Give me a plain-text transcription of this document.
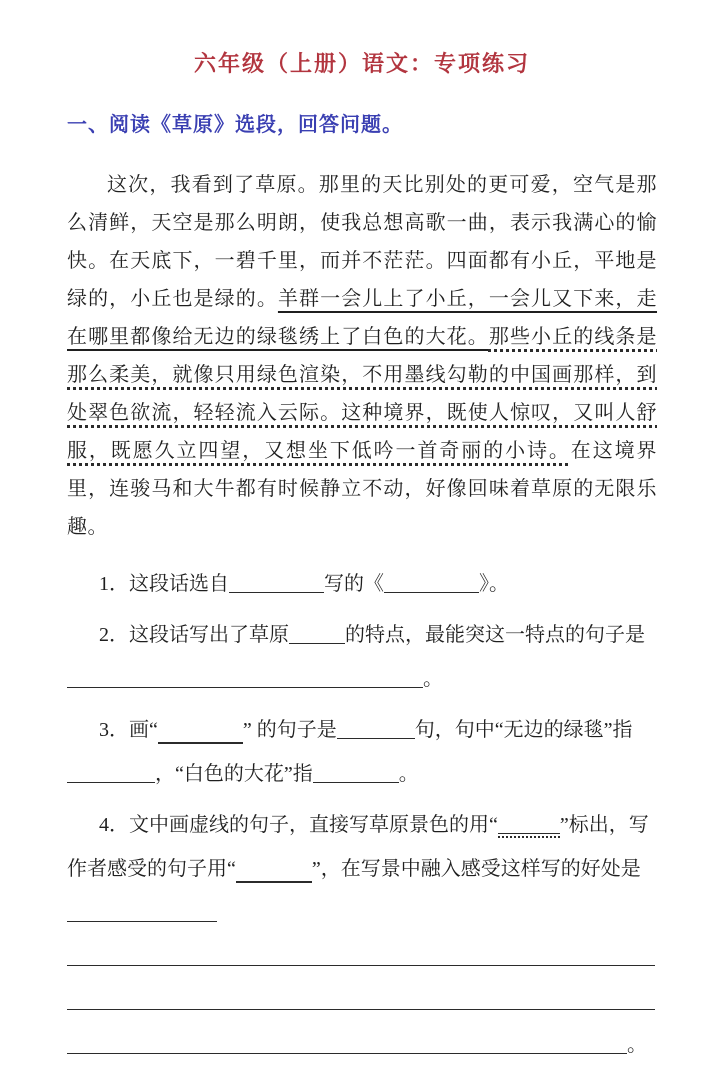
六年级（上册）语文：专项练习
一、阅读《草原》选段，回答问题。

这次，我看到了草原。那里的天比别处的更可爱，空气是那么清鲜，天空是那么明朗，使我总想高歌一曲，表示我满心的愉快。在天底下，一碧千里，而并不茫茫。四面都有小丘，平地是绿的，小丘也是绿的。羊群一会儿上了小丘，一会儿又下来，走在哪里都像给无边的绿毯绣上了白色的大花。那些小丘的线条是那么柔美，就像只用绿色渲染，不用墨线勾勒的中国画那样，到处翠色欲流，轻轻流入云际。这种境界，既使人惊叹，又叫人舒服，既愿久立四望，又想坐下低吟一首奇丽的小诗。在这境界里，连骏马和大牛都有时候静立不动，好像回味着草原的无限乐趣。

1．这段话选自	写的《	》。

2．这段话写出了草原	的特点，最能突这一特点的句子是。

3．画“	” 的句子是	句，句中“无边的绿毯”指，“白色的大花”指	。

4．文中画虚线的句子，直接写草原景色的用“	”标出，写作者感受的句子用“	”，在写景中融入感受这样写的好处是。
